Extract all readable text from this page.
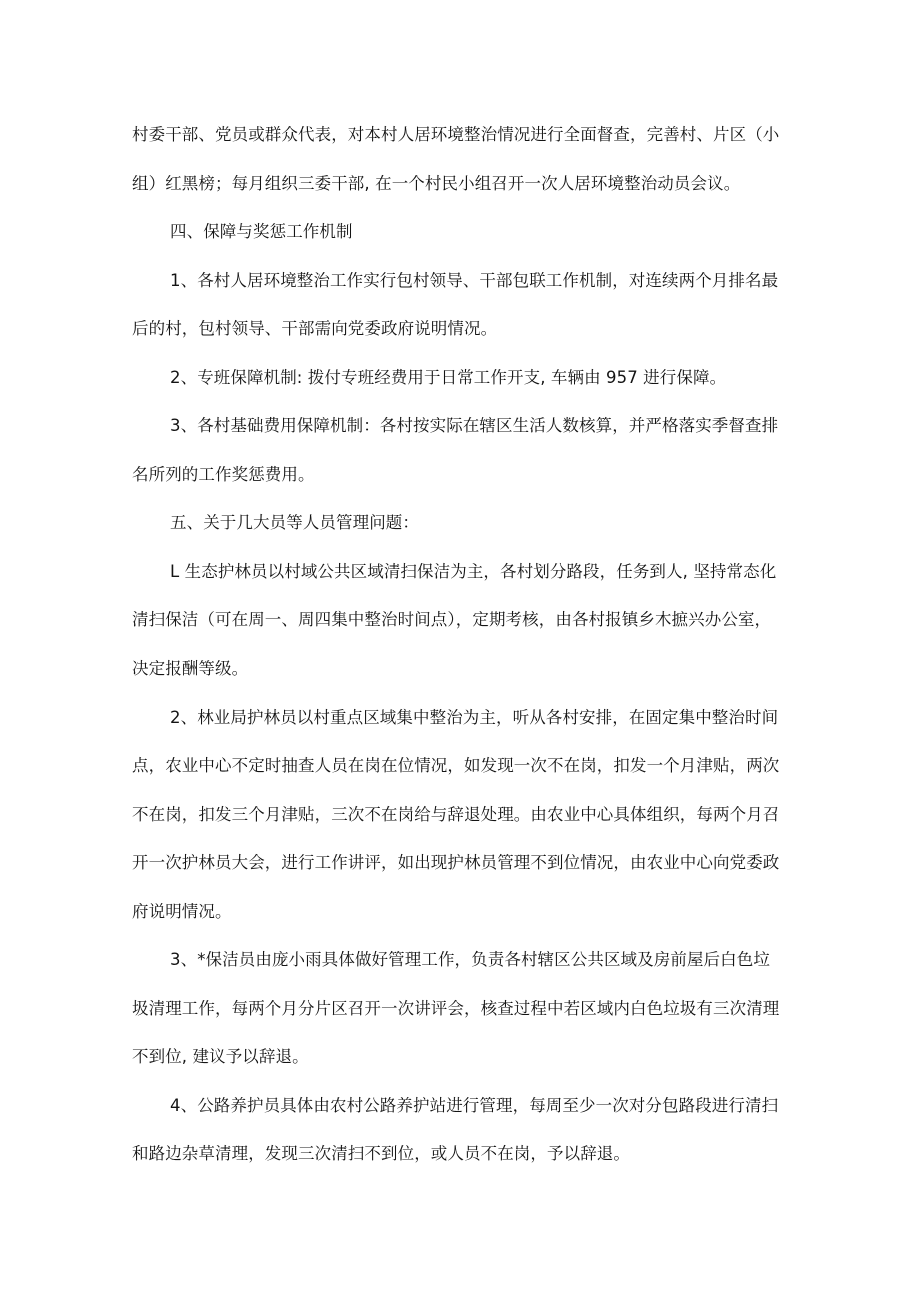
村委干部、党员或群众代表，对本村人居环境整治情况进行全面督查，完善村、片区（小
组）红黑榜；每月组织三委干部, 在一个村民小组召开一次人居环境整治动员会议。
四、保障与奖惩工作机制
1、各村人居环境整治工作实行包村领导、干部包联工作机制，对连续两个月排名最
后的村，包村领导、干部需向党委政府说明情况。
2、专班保障机制: 拨付专班经费用于日常工作开支, 车辆由 957 进行保障。
3、各村基础费用保障机制：各村按实际在辖区生活人数核算，并严格落实季督查排
名所列的工作奖惩费用。
五、关于几大员等人员管理问题：
L 生态护林员以村域公共区域清扫保洁为主，各村划分路段，任务到人, 坚持常态化
清扫保洁（可在周一、周四集中整治时间点），定期考核，由各村报镇乡木摭兴办公室，
决定报酬等级。
2、林业局护林员以村重点区域集中整治为主，听从各村安排，在固定集中整治时间
点，农业中心不定时抽查人员在岗在位情况，如发现一次不在岗，扣发一个月津贴，两次
不在岗，扣发三个月津贴，三次不在岗给与辞退处理。由农业中心具体组织，每两个月召
开一次护林员大会，进行工作讲评，如出现护林员管理不到位情况，由农业中心向党委政
府说明情况。
3、*保洁员由庞小雨具体做好管理工作，负责各村辖区公共区域及房前屋后白色垃
圾清理工作，每两个月分片区召开一次讲评会，核查过程中若区域内白色垃圾有三次清理
不到位, 建议予以辞退。
4、公路养护员具体由农村公路养护站进行管理，每周至少一次对分包路段进行清扫
和路边杂草清理，发现三次清扫不到位，或人员不在岗，予以辞退。
